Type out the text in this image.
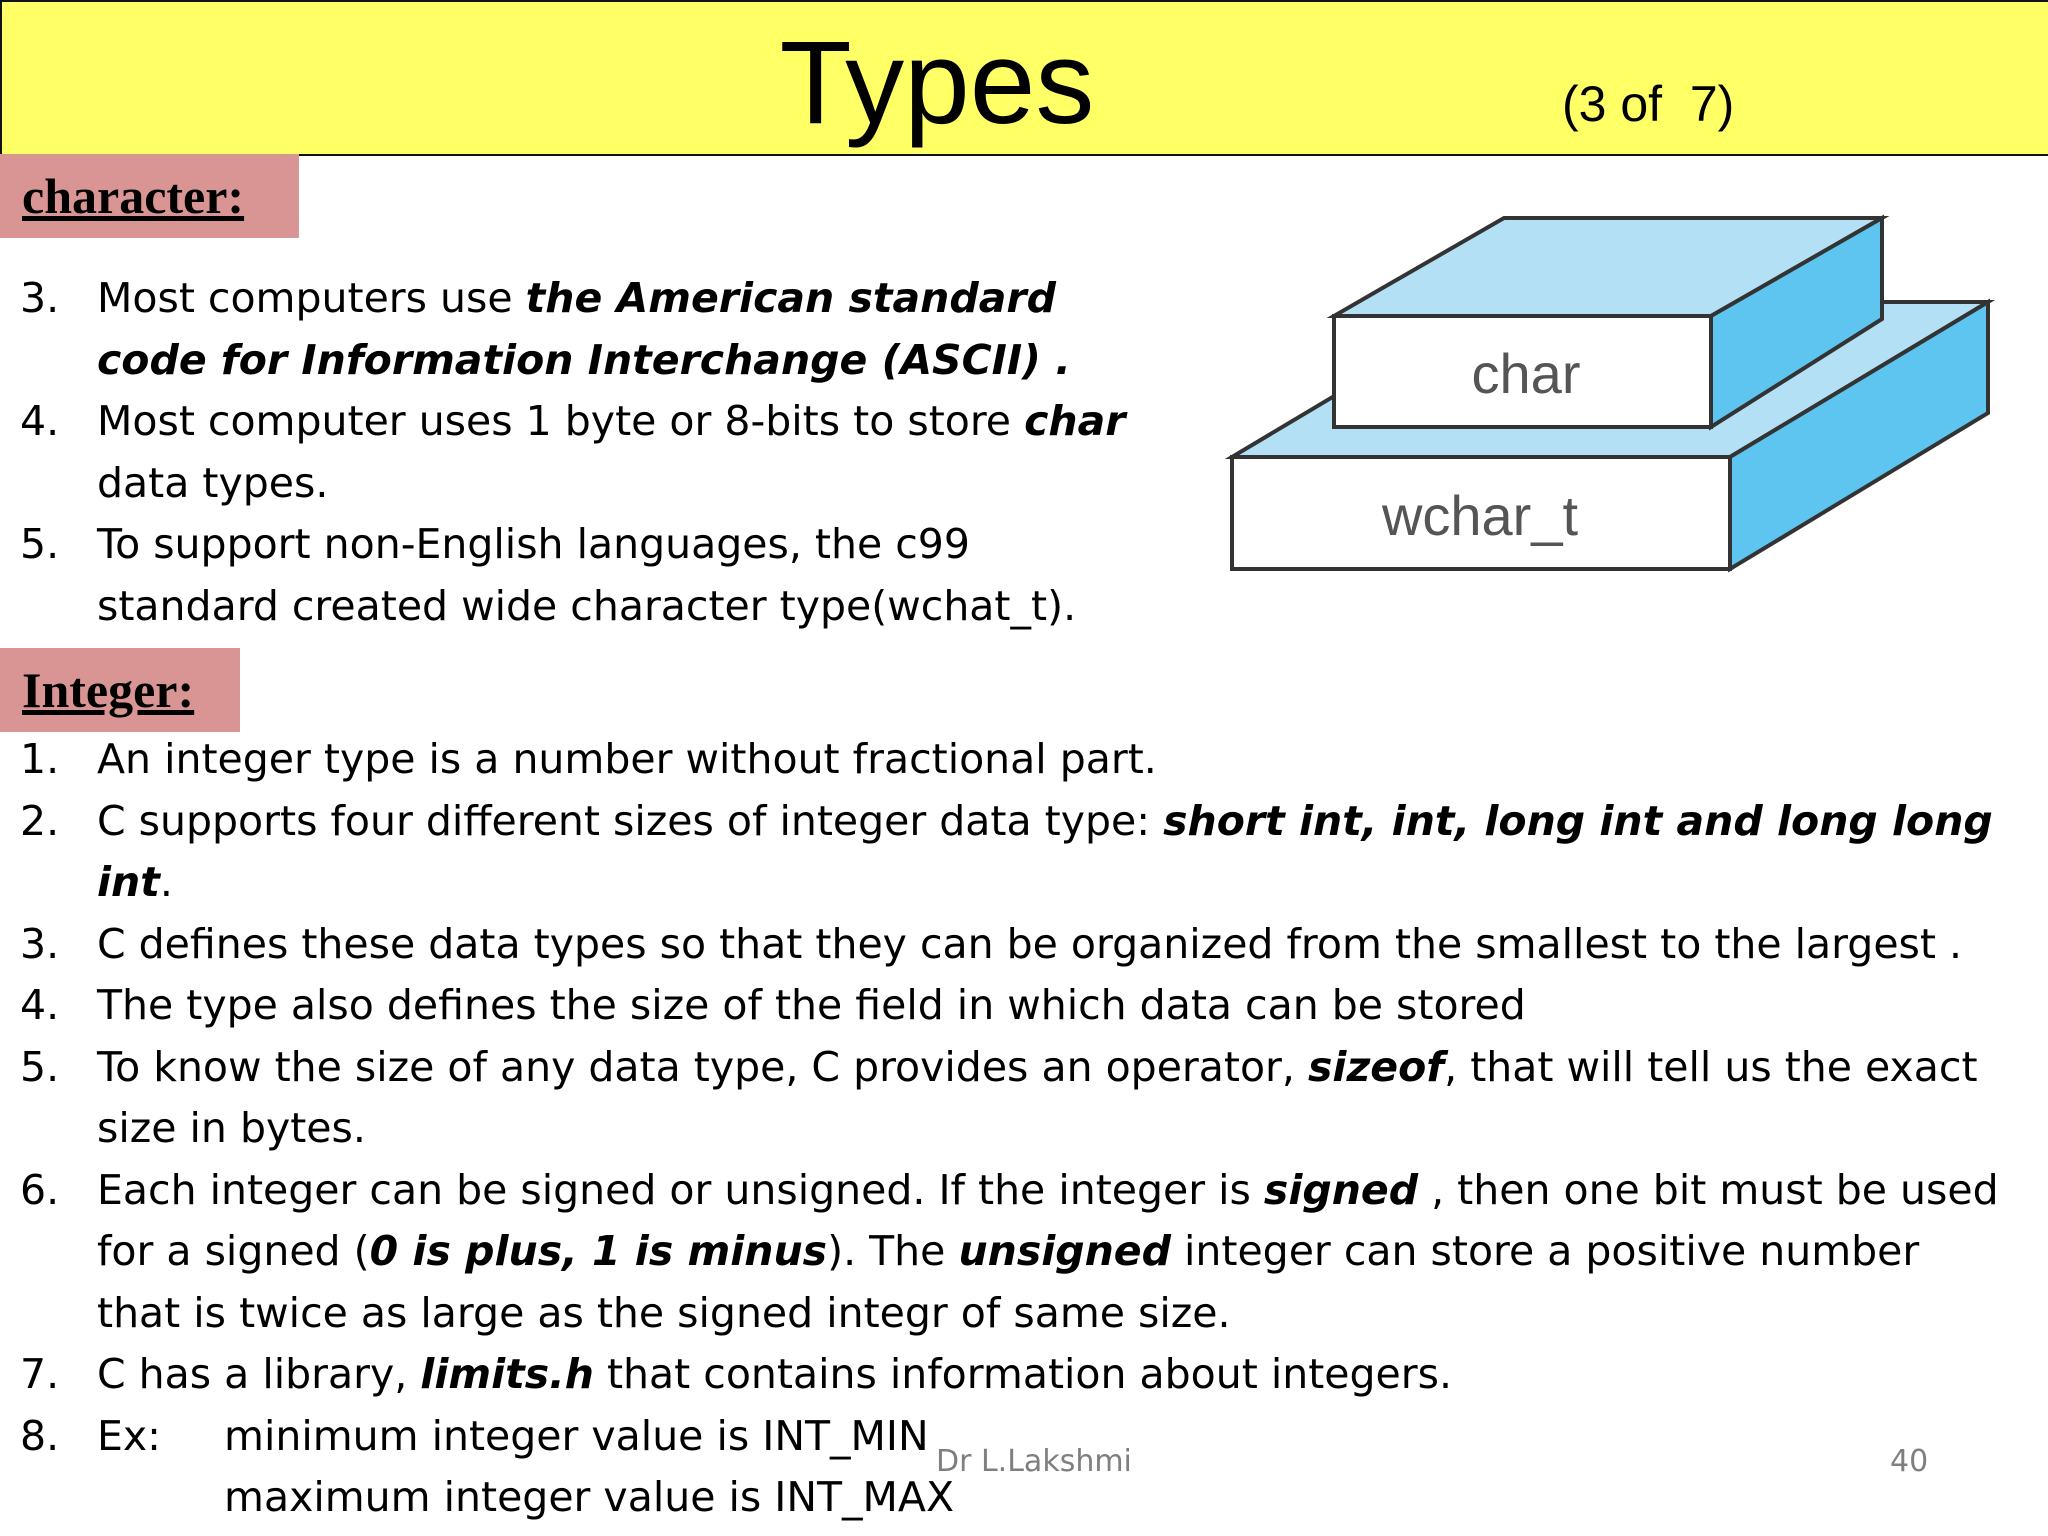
Types	(3 of  7)
character:
3. Most computers use the American standard code for Information Interchange (ASCII) .
4. Most computer uses 1 byte or 8-bits to store char data types.
5. To support non-English languages, the c99 standard created wide character type(wchat_t).
char
wchar_t
Integer:
1. An integer type is a number without fractional part.
2. C supports four different sizes of integer data type: short int, int, long int and long long int.
3. C defines these data types so that they can be organized from the smallest to the largest .
4. The type also defines the size of the field in which data can be stored
5. To know the size of any data type, C provides an operator, sizeof, that will tell us the exact size in bytes.
6. Each integer can be signed or unsigned. If the integer is signed , then one bit must be used for a signed (0 is plus, 1 is minus). The unsigned integer can store a positive number that is twice as large as the signed integr of same size.
7. C has a library, limits.h that contains information about integers.
8. Ex: minimum integer value is INT_MIN
maximum integer value is INT_MAX
Dr L.Lakshmi	40
